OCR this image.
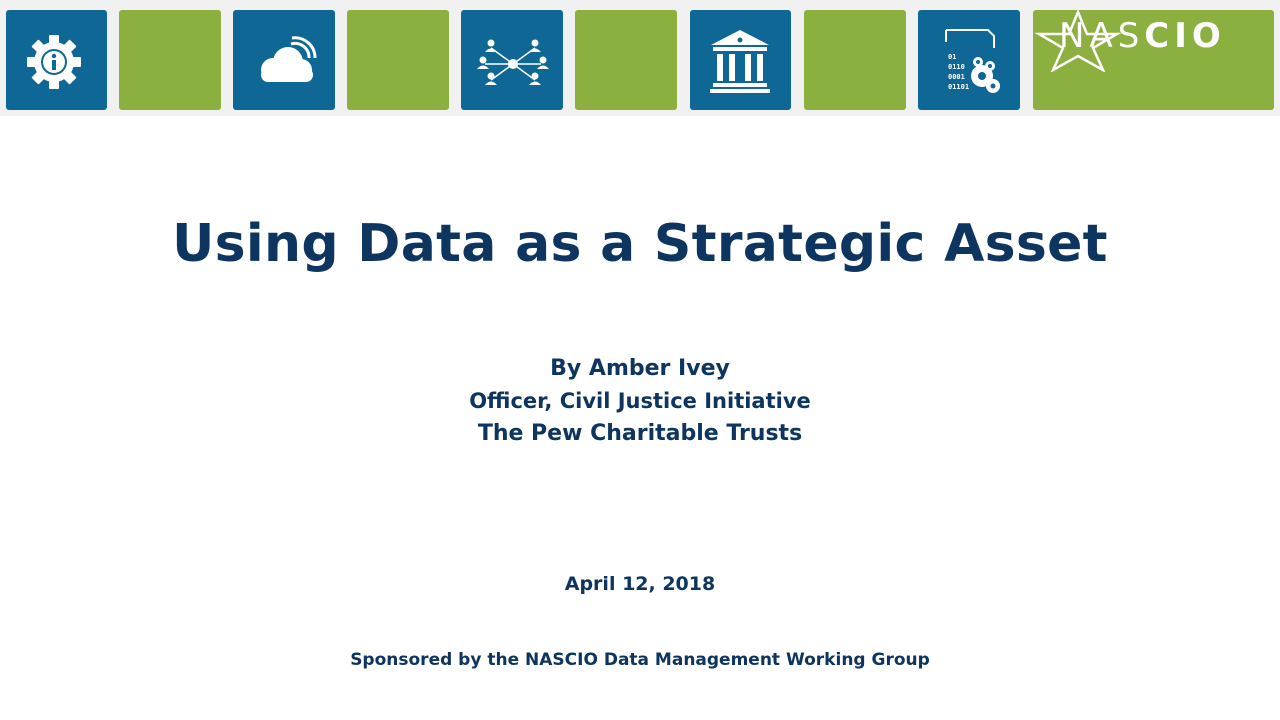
01
0110
0001
01101
NASCIO
Using Data as a Strategic Asset
By Amber Ivey
Officer, Civil Justice Initiative
The Pew Charitable Trusts
April 12, 2018
Sponsored by the NASCIO Data Management Working Group
